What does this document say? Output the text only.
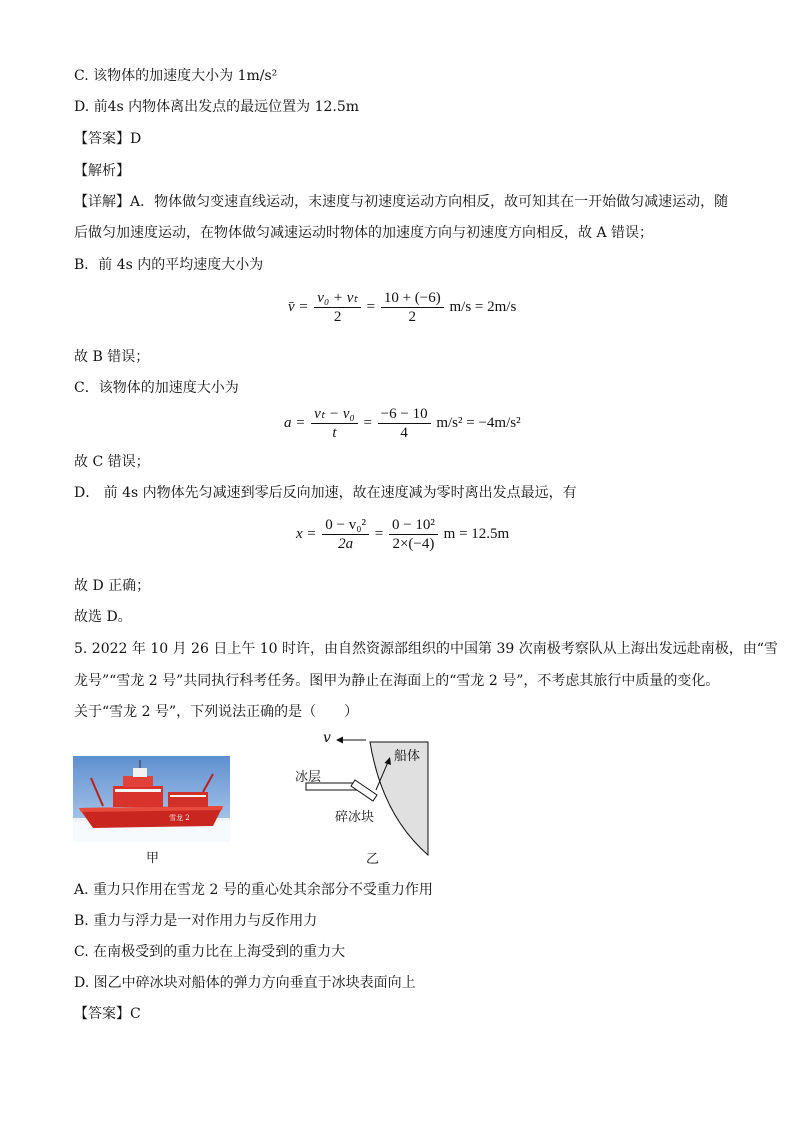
C. 该物体的加速度大小为 1m/s²
D. 前4s 内物体离出发点的最远位置为 12.5m
【答案】D
【解析】
【详解】A．物体做匀变速直线运动，末速度与初速度运动方向相反，故可知其在一开始做匀减速运动，随
后做匀加速度运动，在物体做匀减速运动时物体的加速度方向与初速度方向相反，故 A 错误；
B．前 4s 内的平均速度大小为
v̄ = $\frac{\text{v₀ + vₜ}}{2} = \frac{10 + (-6)}{2} m/s = 2m/s$
故 B 错误；
C．该物体的加速度大小为
$a = \frac{\text{vₜ − v₀}}{t} = \frac{-6 - 10}{4} m/s^2 = -4m/s^2$
故 C 错误；
D． 前 4s 内物体先匀减速到零后反向加速，故在速度减为零时离出发点最远，有
$x = \frac{\text{0 − v₀²}}{2a} = \frac{\text{0 − 10²}}{2\times(-4)}$ m = 12.5m
故 D 正确；
故选 D。
5. 2022 年 10 月 26 日上午 10 时许，由自然资源部组织的中国第 39 次南极考察队从上海出发远赴南极，由“雪
龙号”“雪龙 2 号”共同执行科考任务。图甲为静止在海面上的“雪龙 2 号”，不考虑其旅行中质量的变化。
关于“雪龙 2 号”，下列说法正确的是（　　）
雪龙 2
甲
v
船体
冰层
碎冰块
乙
A. 重力只作用在雪龙 2 号的重心处其余部分不受重力作用
B. 重力与浮力是一对作用力与反作用力
C. 在南极受到的重力比在上海受到的重力大
D. 图乙中碎冰块对船体的弹力方向垂直于冰块表面向上
【答案】C
